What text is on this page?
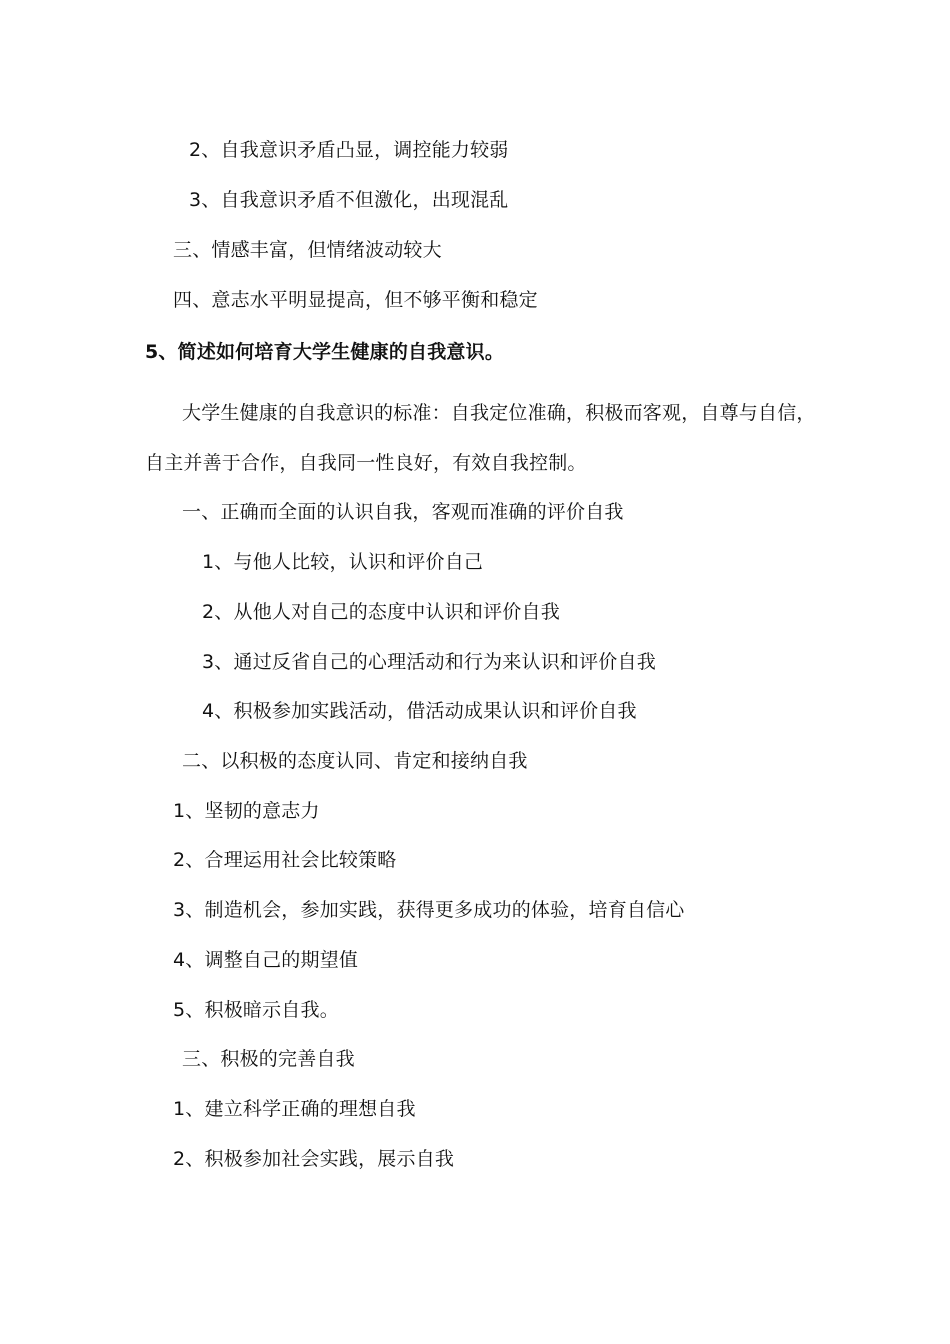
2、自我意识矛盾凸显，调控能力较弱
3、自我意识矛盾不但激化，出现混乱
三、情感丰富，但情绪波动较大
四、意志水平明显提高，但不够平衡和稳定
5、简述如何培育大学生健康的自我意识。
大学生健康的自我意识的标准：自我定位准确，积极而客观，自尊与自信，
自主并善于合作，自我同一性良好，有效自我控制。
一、正确而全面的认识自我，客观而准确的评价自我
1、与他人比较，认识和评价自己
2、从他人对自己的态度中认识和评价自我
3、通过反省自己的心理活动和行为来认识和评价自我
4、积极参加实践活动，借活动成果认识和评价自我
二、以积极的态度认同、肯定和接纳自我
1、坚韧的意志力
2、合理运用社会比较策略
3、制造机会，参加实践，获得更多成功的体验，培育自信心
4、调整自己的期望值
5、积极暗示自我。
三、积极的完善自我
1、建立科学正确的理想自我
2、积极参加社会实践，展示自我
